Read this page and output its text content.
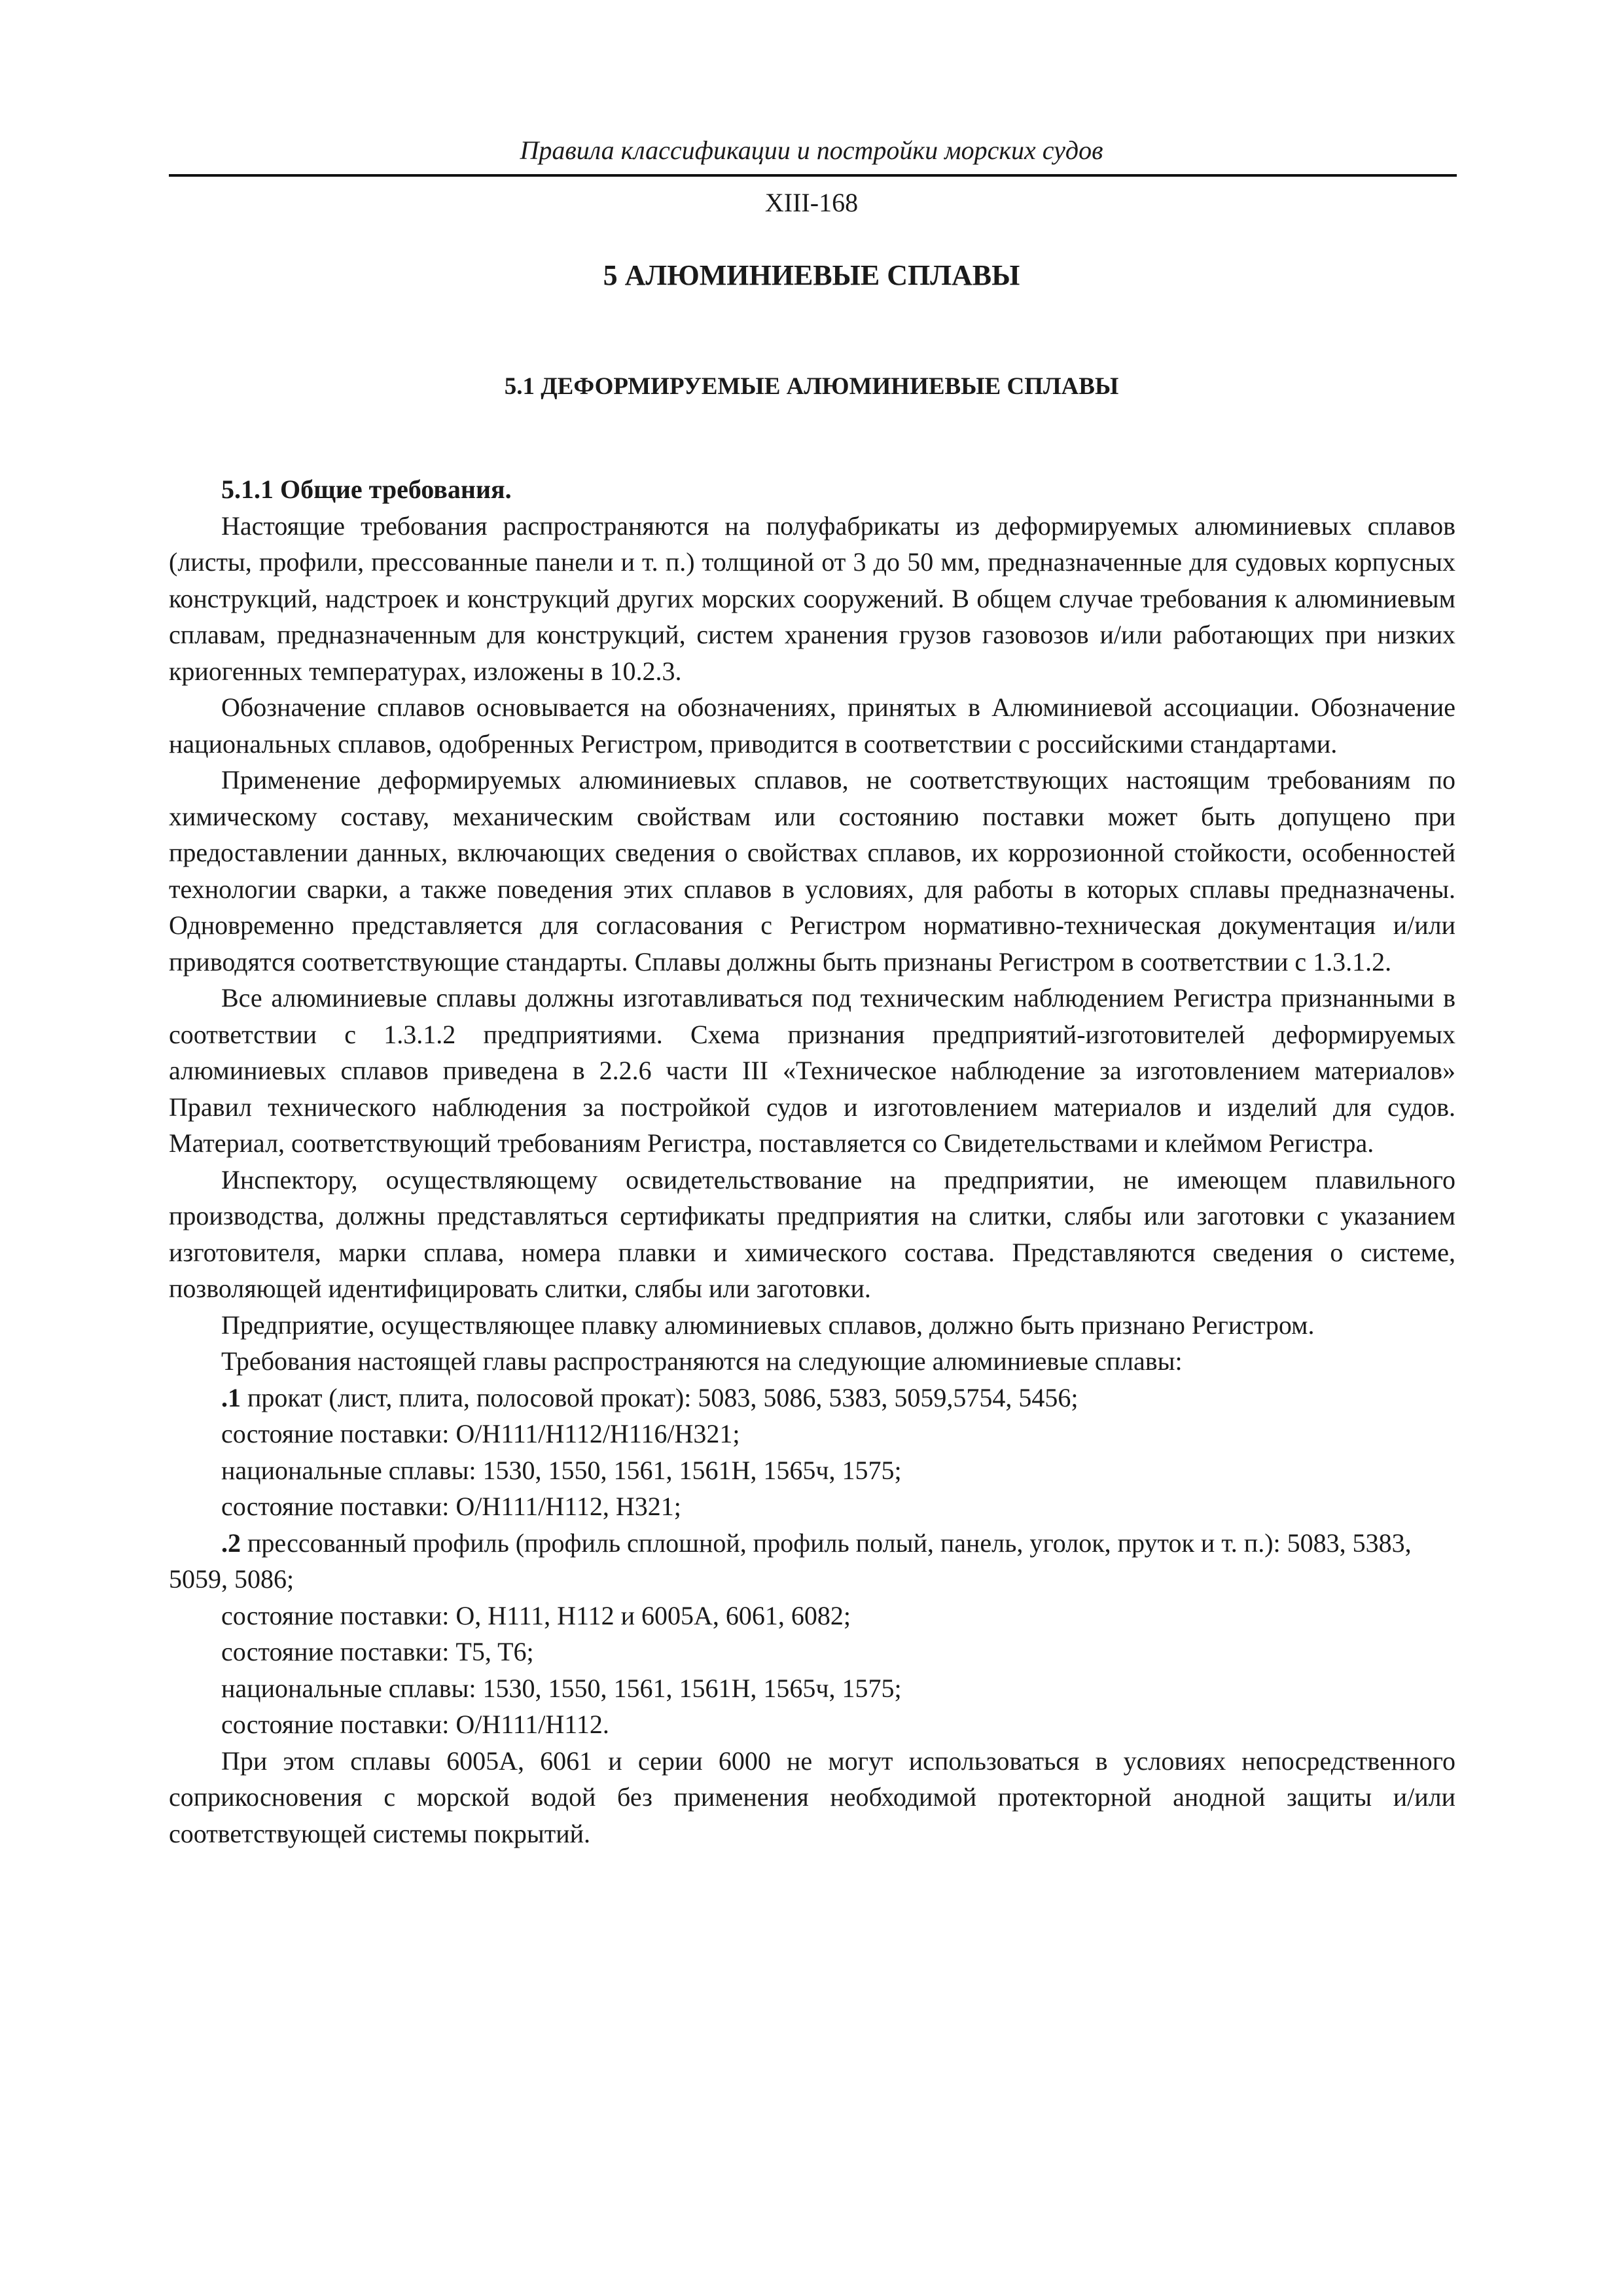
Правила классификации и постройки морских судов
XIII-168
5 АЛЮМИНИЕВЫЕ СПЛАВЫ
5.1 ДЕФОРМИРУЕМЫЕ АЛЮМИНИЕВЫЕ СПЛАВЫ

5.1.1 Общие требования.

Настоящие требования распространяются на полуфабрикаты из деформируемых алюминиевых сплавов (листы, профили, прессованные панели и т. п.) толщиной от 3 до 50 мм, предназначенные для судовых корпусных конструкций, надстроек и конструкций других морских сооружений. В общем случае требования к алюминиевым сплавам, предназначенным для конструкций, систем хранения грузов газовозов и/или работающих при низких криогенных температурах, изложены в 10.2.3.

Обозначение сплавов основывается на обозначениях, принятых в Алюминиевой ассоциации. Обозначение национальных сплавов, одобренных Регистром, приводится в соответствии с российскими стандартами.

Применение деформируемых алюминиевых сплавов, не соответствующих настоящим требованиям по химическому составу, механическим свойствам или состоянию поставки может быть допущено при предоставлении данных, включающих сведения о свойствах сплавов, их коррозионной стойкости, особенностей технологии сварки, а также поведения этих сплавов в условиях, для работы в которых сплавы предназначены. Одновременно представляется для согласования с Регистром нормативно-техническая документация и/или приводятся соответствующие стандарты. Сплавы должны быть признаны Регистром в соответствии с 1.3.1.2.

Все алюминиевые сплавы должны изготавливаться под техническим наблюдением Регистра признанными в соответствии с 1.3.1.2 предприятиями. Схема признания предприятий-изготовителей деформируемых алюминиевых сплавов приведена в 2.2.6 части III «Техническое наблюдение за изготовлением материалов» Правил технического наблюдения за постройкой судов и изготовлением материалов и изделий для судов. Материал, соответствующий требованиям Регистра, поставляется со Свидетельствами и клеймом Регистра.

Инспектору, осуществляющему освидетельствование на предприятии, не имеющем плавильного производства, должны представляться сертификаты предприятия на слитки, слябы или заготовки с указанием изготовителя, марки сплава, номера плавки и химического состава. Представляются сведения о системе, позволяющей идентифицировать слитки, слябы или заготовки.

Предприятие, осуществляющее плавку алюминиевых сплавов, должно быть признано Регистром.

Требования настоящей главы распространяются на следующие алюминиевые сплавы:

.1 прокат (лист, плита, полосовой прокат): 5083, 5086, 5383, 5059,5754, 5456;

состояние поставки: O/H111/H112/H116/H321;

национальные сплавы: 1530, 1550, 1561, 1561H, 1565ч, 1575;

состояние поставки: O/H111/H112, H321;

.2 прессованный профиль (профиль сплошной, профиль полый, панель, уголок, пруток и т. п.): 5083, 5383, 5059, 5086;

состояние поставки: O, H111, H112 и 6005A, 6061, 6082;

состояние поставки: T5, T6;

национальные сплавы: 1530, 1550, 1561, 1561H, 1565ч, 1575;

состояние поставки: O/H111/H112.

При этом сплавы 6005A, 6061 и серии 6000 не могут использоваться в условиях непосредственного соприкосновения с морской водой без применения необходимой протекторной анодной защиты и/или соответствующей системы покрытий.
